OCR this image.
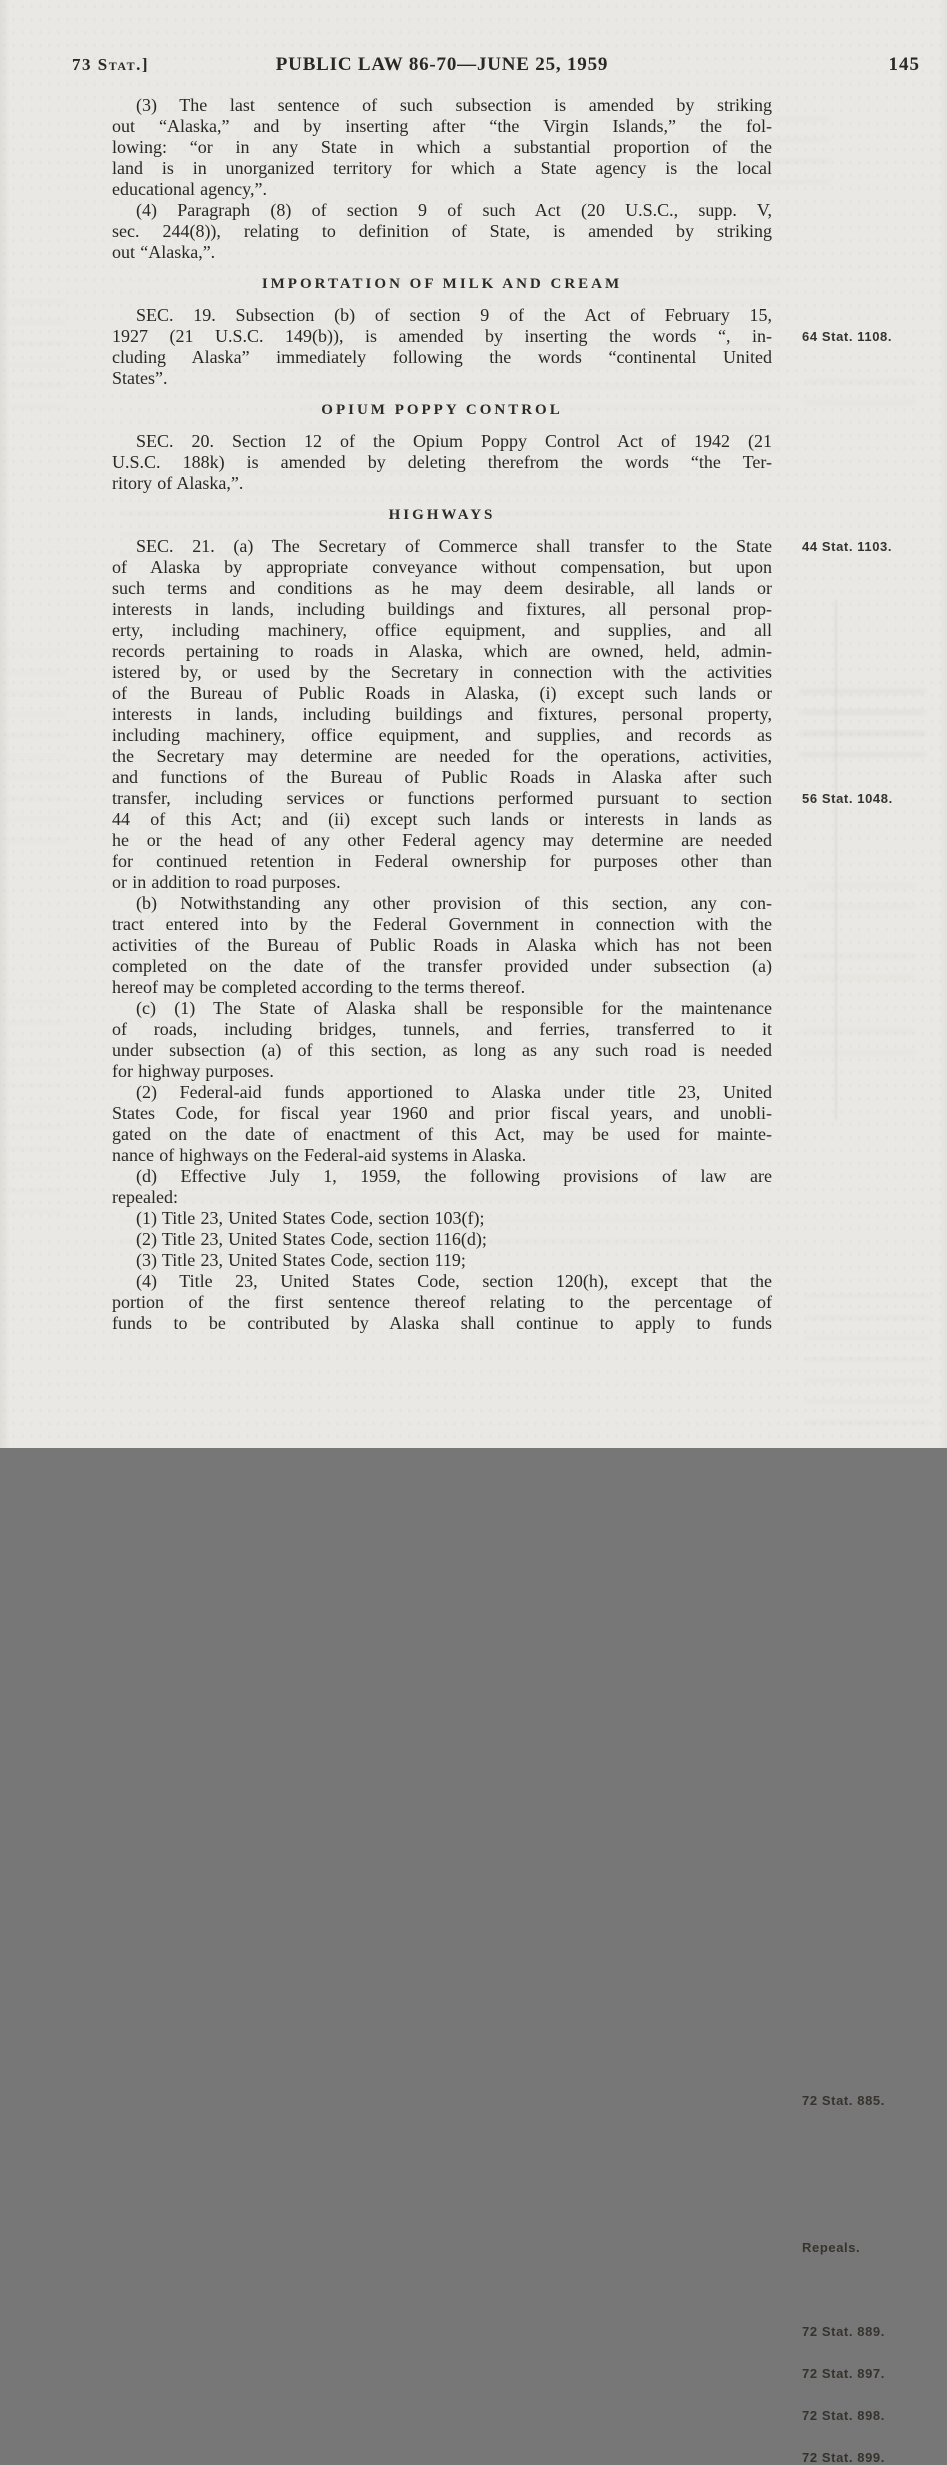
73 Stat.]	PUBLIC LAW 86-70—JUNE 25, 1959	145
(3) The last sentence of such subsection is amended by striking
out “Alaska,” and by inserting after “the Virgin Islands,” the fol-
lowing: “or in any State in which a substantial proportion of the
land is in unorganized territory for which a State agency is the local
educational agency,”.
(4) Paragraph (8) of section 9 of such Act (20 U.S.C., supp. V,
sec. 244(8)), relating to definition of State, is amended by striking
out “Alaska,”.
IMPORTATION OF MILK AND CREAM
SEC. 19. Subsection (b) of section 9 of the Act of February 15,
1927 (21 U.S.C. 149(b)), is amended by inserting the words “, in-
cluding Alaska” immediately following the words “continental United
States”.
OPIUM POPPY CONTROL
SEC. 20. Section 12 of the Opium Poppy Control Act of 1942 (21
U.S.C. 188k) is amended by deleting therefrom the words “the Ter-
ritory of Alaska,”.
HIGHWAYS
SEC. 21. (a) The Secretary of Commerce shall transfer to the State
of Alaska by appropriate conveyance without compensation, but upon
such terms and conditions as he may deem desirable, all lands or
interests in lands, including buildings and fixtures, all personal prop-
erty, including machinery, office equipment, and supplies, and all
records pertaining to roads in Alaska, which are owned, held, admin-
istered by, or used by the Secretary in connection with the activities
of the Bureau of Public Roads in Alaska, (i) except such lands or
interests in lands, including buildings and fixtures, personal property,
including machinery, office equipment, and supplies, and records as
the Secretary may determine are needed for the operations, activities,
and functions of the Bureau of Public Roads in Alaska after such
transfer, including services or functions performed pursuant to section
44 of this Act; and (ii) except such lands or interests in lands as
he or the head of any other Federal agency may determine are needed
for continued retention in Federal ownership for purposes other than
or in addition to road purposes.
(b) Notwithstanding any other provision of this section, any con-
tract entered into by the Federal Government in connection with the
activities of the Bureau of Public Roads in Alaska which has not been
completed on the date of the transfer provided under subsection (a)
hereof may be completed according to the terms thereof.
(c) (1) The State of Alaska shall be responsible for the maintenance
of roads, including bridges, tunnels, and ferries, transferred to it
under subsection (a) of this section, as long as any such road is needed
for highway purposes.
(2) Federal-aid funds apportioned to Alaska under title 23, United
States Code, for fiscal year 1960 and prior fiscal years, and unobli-
gated on the date of enactment of this Act, may be used for mainte-
nance of highways on the Federal-aid systems in Alaska.
(d) Effective July 1, 1959, the following provisions of law are
repealed:
(1) Title 23, United States Code, section 103(f);
(2) Title 23, United States Code, section 116(d);
(3) Title 23, United States Code, section 119;
(4) Title 23, United States Code, section 120(h), except that the
portion of the first sentence thereof relating to the percentage of
funds to be contributed by Alaska shall continue to apply to funds
64 Stat. 1108.
44 Stat. 1103.
56 Stat. 1048.
72 Stat. 885.
Repeals.
72 Stat. 889.
72 Stat. 897.
72 Stat. 898.
72 Stat. 899.
